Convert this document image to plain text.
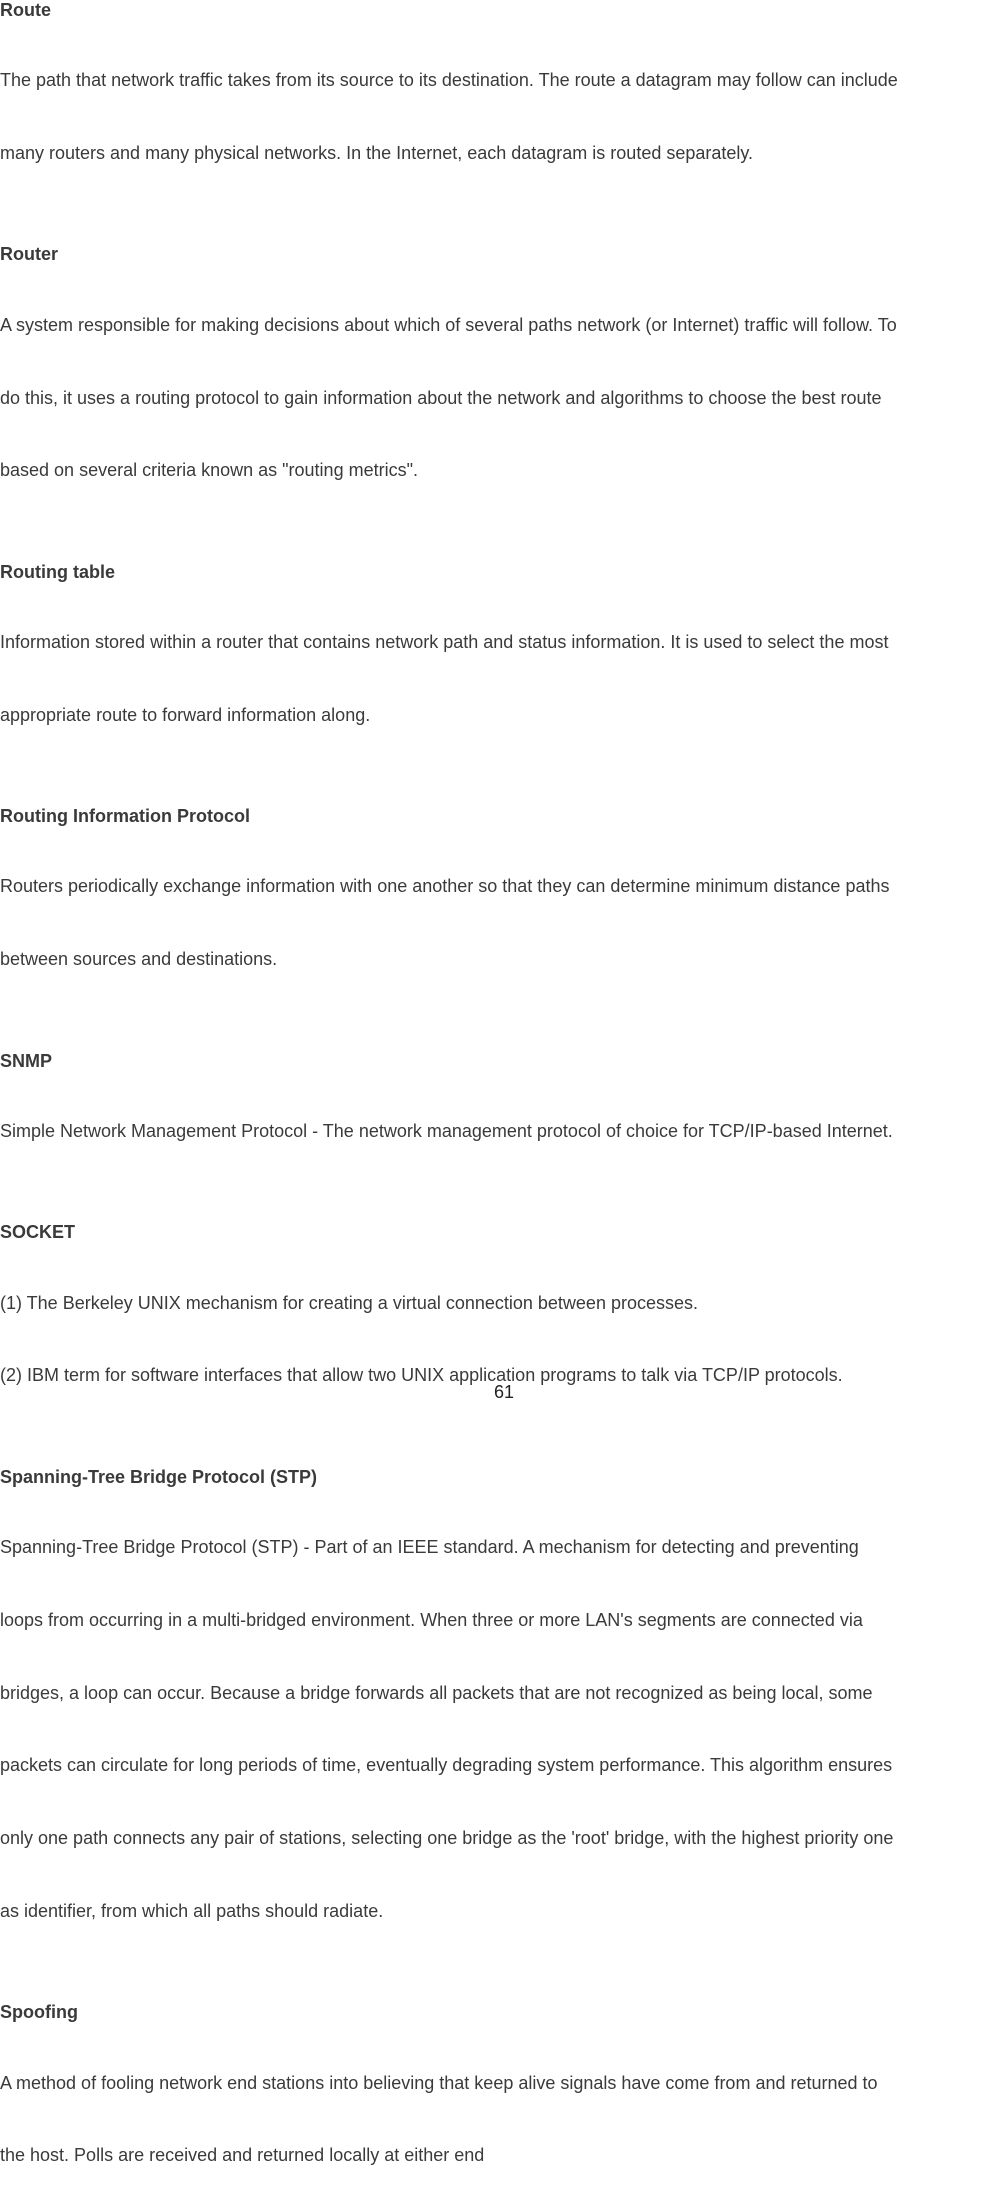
Route

The path that network traffic takes from its source to its destination. The route a datagram may follow can include

many routers and many physical networks. In the Internet, each datagram is routed separately.

Router

A system responsible for making decisions about which of several paths network (or Internet) traffic will follow. To

do this, it uses a routing protocol to gain information about the network and algorithms to choose the best route

based on several criteria known as "routing metrics".

Routing table

Information stored within a router that contains network path and status information. It is used to select the most

appropriate route to forward information along.

Routing Information Protocol

Routers periodically exchange information with one another so that they can determine minimum distance paths

between sources and destinations.

SNMP

Simple Network Management Protocol - The network management protocol of choice for TCP/IP-based Internet.

SOCKET

(1) The Berkeley UNIX mechanism for creating a virtual connection between processes.

(2) IBM term for software interfaces that allow two UNIX application programs to talk via TCP/IP protocols.

Spanning-Tree Bridge Protocol (STP)

Spanning-Tree Bridge Protocol (STP) - Part of an IEEE standard. A mechanism for detecting and preventing

loops from occurring in a multi-bridged environment. When three or more LAN's segments are connected via

bridges, a loop can occur. Because a bridge forwards all packets that are not recognized as being local, some

packets can circulate for long periods of time, eventually degrading system performance. This algorithm ensures

only one path connects any pair of stations, selecting one bridge as the 'root' bridge, with the highest priority one

as identifier, from which all paths should radiate.

Spoofing

A method of fooling network end stations into believing that keep alive signals have come from and returned to

the host. Polls are received and returned locally at either end

61
